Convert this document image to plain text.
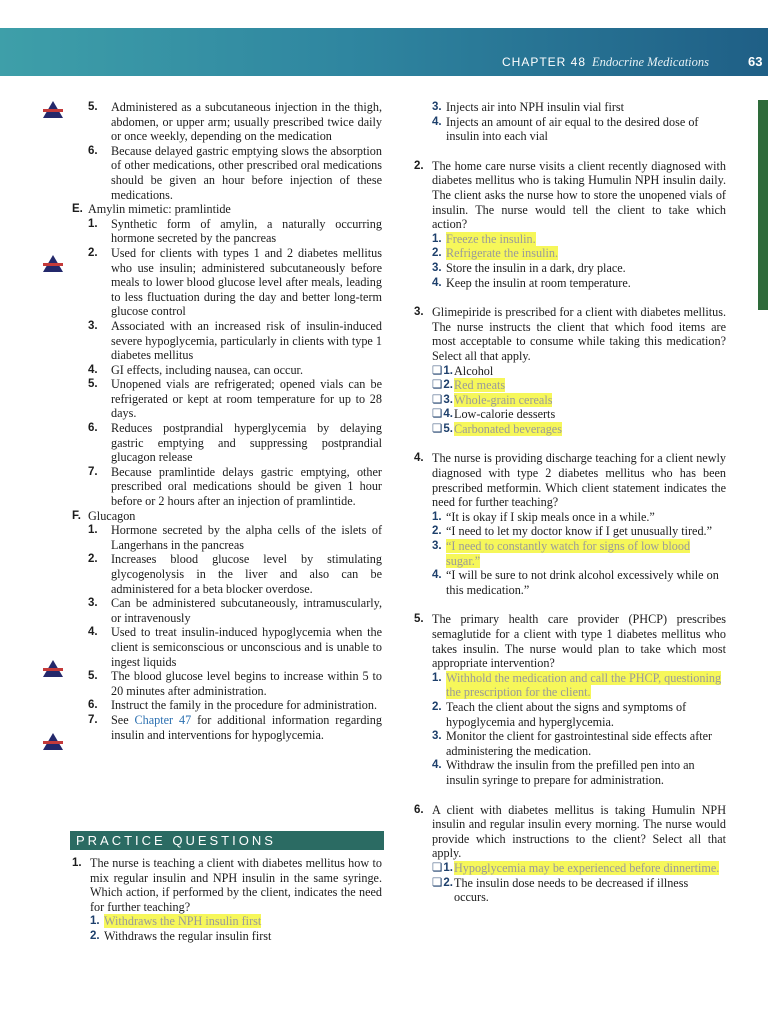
CHAPTER 48 Endocrine Medications	63
5. Administered as a subcutaneous injection in the thigh, abdomen, or upper arm; usually prescribed twice daily or once weekly, depending on the medication
6. Because delayed gastric emptying slows the absorption of other medications, other prescribed oral medications should be given an hour before injection of these medications.
E. Amylin mimetic: pramlintide
1. Synthetic form of amylin, a naturally occurring hormone secreted by the pancreas
2. Used for clients with types 1 and 2 diabetes mellitus who use insulin; administered subcutaneously before meals to lower blood glucose level after meals, leading to less fluctuation during the day and better long-term glucose control
3. Associated with an increased risk of insulin-induced severe hypoglycemia, particularly in clients with type 1 diabetes mellitus
4. GI effects, including nausea, can occur.
5. Unopened vials are refrigerated; opened vials can be refrigerated or kept at room temperature for up to 28 days.
6. Reduces postprandial hyperglycemia by delaying gastric emptying and suppressing postprandial glucagon release
7. Because pramlintide delays gastric emptying, other prescribed oral medications should be given 1 hour before or 2 hours after an injection of pramlintide.
F. Glucagon
1. Hormone secreted by the alpha cells of the islets of Langerhans in the pancreas
2. Increases blood glucose level by stimulating glycogenolysis in the liver and also can be administered for a beta blocker overdose.
3. Can be administered subcutaneously, intramuscularly, or intravenously
4. Used to treat insulin-induced hypoglycemia when the client is semiconscious or unconscious and is unable to ingest liquids
5. The blood glucose level begins to increase within 5 to 20 minutes after administration.
6. Instruct the family in the procedure for administration.
7. See Chapter 47 for additional information regarding insulin and interventions for hypoglycemia.
PRACTICE QUESTIONS
1. The nurse is teaching a client with diabetes mellitus how to mix regular insulin and NPH insulin in the same syringe. Which action, if performed by the client, indicates the need for further teaching?
1. Withdraws the NPH insulin first
2. Withdraws the regular insulin first
3. Injects air into NPH insulin vial first
4. Injects an amount of air equal to the desired dose of insulin into each vial
2. The home care nurse visits a client recently diagnosed with diabetes mellitus who is taking Humulin NPH insulin daily. The client asks the nurse how to store the unopened vials of insulin. The nurse would tell the client to take which action?
1. Freeze the insulin.
2. Refrigerate the insulin.
3. Store the insulin in a dark, dry place.
4. Keep the insulin at room temperature.
3. Glimepiride is prescribed for a client with diabetes mellitus. The nurse instructs the client that which food items are most acceptable to consume while taking this medication? Select all that apply.
❏ 1. Alcohol
❏ 2. Red meats
❏ 3. Whole-grain cereals
❏ 4. Low-calorie desserts
❏ 5. Carbonated beverages
4. The nurse is providing discharge teaching for a client newly diagnosed with type 2 diabetes mellitus who has been prescribed metformin. Which client statement indicates the need for further teaching?
1. “It is okay if I skip meals once in a while.”
2. “I need to let my doctor know if I get unusually tired.”
3. “I need to constantly watch for signs of low blood sugar.”
4. “I will be sure to not drink alcohol excessively while on this medication.”
5. The primary health care provider (PHCP) prescribes semaglutide for a client with type 1 diabetes mellitus who takes insulin. The nurse would plan to take which most appropriate intervention?
1. Withhold the medication and call the PHCP, questioning the prescription for the client.
2. Teach the client about the signs and symptoms of hypoglycemia and hyperglycemia.
3. Monitor the client for gastrointestinal side effects after administering the medication.
4. Withdraw the insulin from the prefilled pen into an insulin syringe to prepare for administration.
6. A client with diabetes mellitus is taking Humulin NPH insulin and regular insulin every morning. The nurse would provide which instructions to the client? Select all that apply.
❏ 1. Hypoglycemia may be experienced before dinnertime.
❏ 2. The insulin dose needs to be decreased if illness occurs.
